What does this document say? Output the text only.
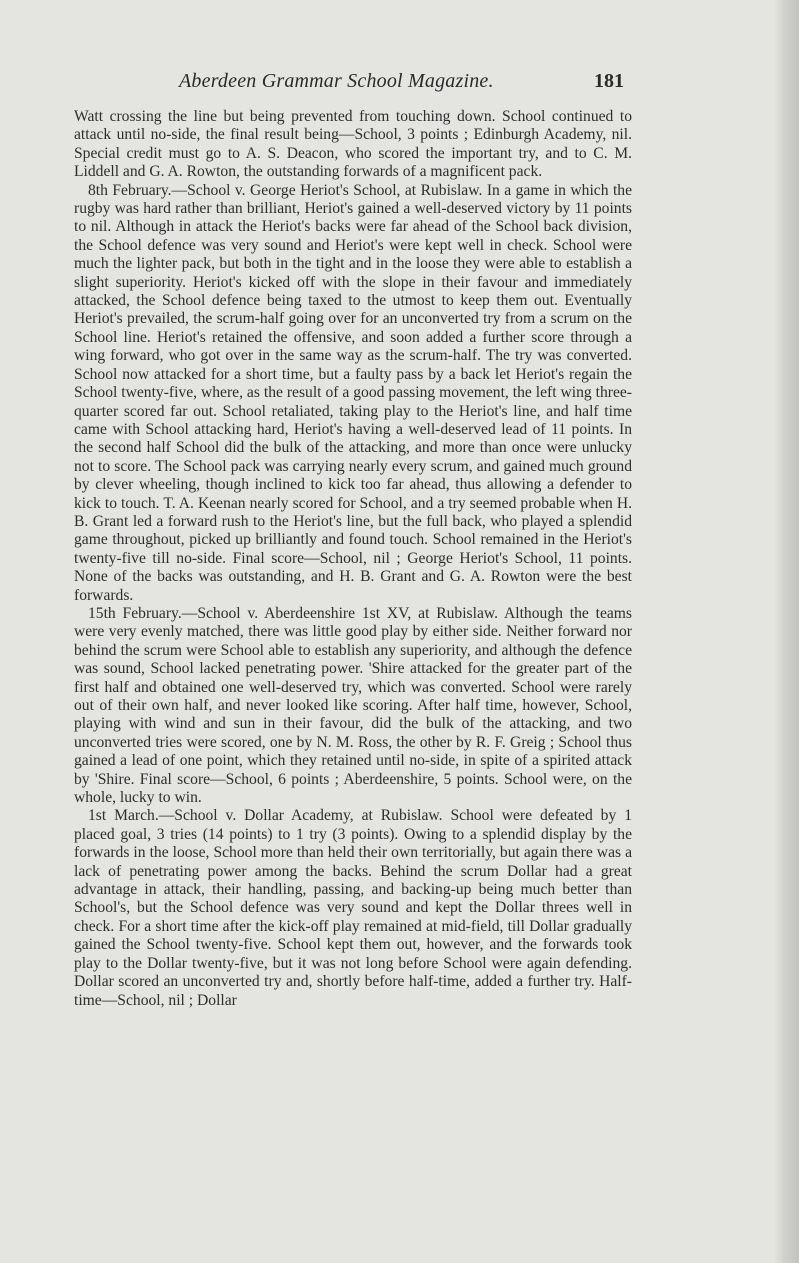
Aberdeen Grammar School Magazine.	181

Watt crossing the line but being prevented from touching down. School continued to attack until no-side, the final result being—School, 3 points ; Edinburgh Academy, nil. Special credit must go to A. S. Deacon, who scored the important try, and to C. M. Liddell and G. A. Rowton, the outstanding forwards of a magnificent pack.

8th February.—School v. George Heriot's School, at Rubislaw. In a game in which the rugby was hard rather than brilliant, Heriot's gained a well-deserved victory by 11 points to nil. Although in attack the Heriot's backs were far ahead of the School back division, the School defence was very sound and Heriot's were kept well in check. School were much the lighter pack, but both in the tight and in the loose they were able to establish a slight superiority. Heriot's kicked off with the slope in their favour and immediately attacked, the School defence being taxed to the utmost to keep them out. Eventually Heriot's prevailed, the scrum-half going over for an unconverted try from a scrum on the School line. Heriot's retained the offensive, and soon added a further score through a wing forward, who got over in the same way as the scrum-half. The try was converted. School now attacked for a short time, but a faulty pass by a back let Heriot's regain the School twenty-five, where, as the result of a good passing movement, the left wing three-quarter scored far out. School retaliated, taking play to the Heriot's line, and half time came with School attacking hard, Heriot's having a well-deserved lead of 11 points. In the second half School did the bulk of the attacking, and more than once were unlucky not to score. The School pack was carrying nearly every scrum, and gained much ground by clever wheeling, though inclined to kick too far ahead, thus allowing a defender to kick to touch. T. A. Keenan nearly scored for School, and a try seemed probable when H. B. Grant led a forward rush to the Heriot's line, but the full back, who played a splendid game throughout, picked up brilliantly and found touch. School remained in the Heriot's twenty-five till no-side. Final score—School, nil ; George Heriot's School, 11 points. None of the backs was outstanding, and H. B. Grant and G. A. Rowton were the best forwards.

15th February.—School v. Aberdeenshire 1st XV, at Rubislaw. Although the teams were very evenly matched, there was little good play by either side. Neither forward nor behind the scrum were School able to establish any superiority, and although the defence was sound, School lacked penetrating power. 'Shire attacked for the greater part of the first half and obtained one well-deserved try, which was converted. School were rarely out of their own half, and never looked like scoring. After half time, however, School, playing with wind and sun in their favour, did the bulk of the attacking, and two unconverted tries were scored, one by N. M. Ross, the other by R. F. Greig ; School thus gained a lead of one point, which they retained until no-side, in spite of a spirited attack by 'Shire. Final score—School, 6 points ; Aberdeenshire, 5 points. School were, on the whole, lucky to win.

1st March.—School v. Dollar Academy, at Rubislaw. School were defeated by 1 placed goal, 3 tries (14 points) to 1 try (3 points). Owing to a splendid display by the forwards in the loose, School more than held their own territorially, but again there was a lack of penetrating power among the backs. Behind the scrum Dollar had a great advantage in attack, their handling, passing, and backing-up being much better than School's, but the School defence was very sound and kept the Dollar threes well in check. For a short time after the kick-off play remained at mid-field, till Dollar gradually gained the School twenty-five. School kept them out, however, and the forwards took play to the Dollar twenty-five, but it was not long before School were again defending. Dollar scored an unconverted try and, shortly before half-time, added a further try. Half-time—School, nil ; Dollar
